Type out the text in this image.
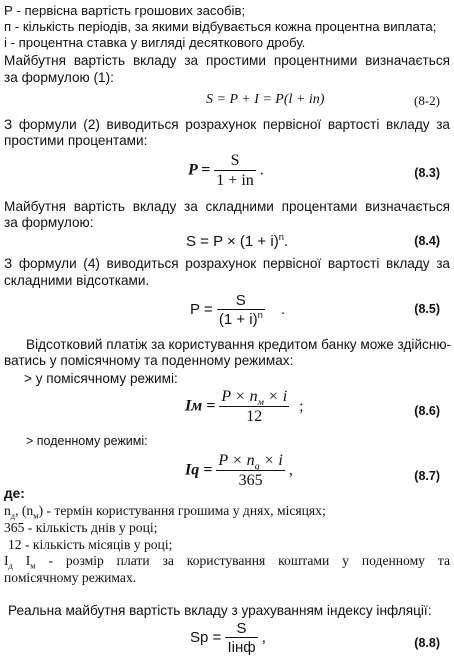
Р - первісна вартість грошових засобів;
п - кількість періодів, за якими відбувається кожна процентна виплата;
і - процентна ставка у вигляді десяткового дробу.
Майбутня вартість вкладу за простими процентними визначається
за формулою (1):
S = P + I = P(l + in)	(8-2)
З формули (2) виводиться розрахунок первісної вартості вкладу за
простими процентами:
$P = \frac{S}{1 + in}$ .	(8.3)
Майбутня вартість вкладу за складними процентами визначається
за формулою:
$S = P \times (1 + i)^n$.	(8.4)
З формули (4) виводиться розрахунок первісної вартості вкладу за
складними відсотками.
$P = \frac{S}{(1 + i)^n}$ .	(8.5)
Відсотковий платіж за користування кредитом банку може здійсню-
ватись у помісячному та поденному режимах:
> у помісячному режимі:
Iм = $\frac{P \times n_м \times i}{12}$ ;	(8.6)
> поденному режимі:
$Iq = \frac{P \times n_q \times i}{365}$ ,	(8.7)
де:
$n_д$, $(n_м)$ - термін користування грошима у днях, місяцях;
365 - кількість днів у році;
12 - кількість місяців у році;
$I_д$ $I_м$ - розмір плати за користування коштами у поденному та
помісячному режимах.
Реальна майбутня вартість вкладу з урахуванням індексу інфляції:
$Sp = \frac{S}{\text{Іінф}}$ ,	(8.8)
